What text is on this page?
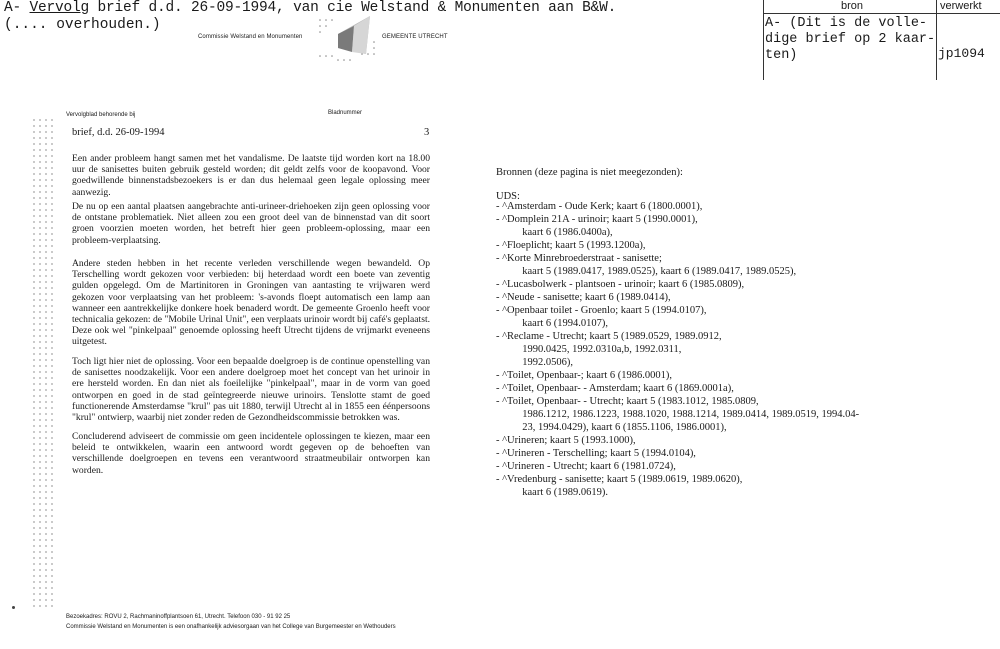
A- Vervolg brief d.d. 26-09-1994, van cie Welstand & Monumenten aan B&W.
(.... overhouden.)
bron	verwerkt
A- (Dit is de volle-
dige brief op 2 kaar-
ten)	jp1094
Commissie Welstand en Monumenten	GEMEENTE UTRECHT
Vervolgblad behorende bij	Bladnummer
brief, d.d. 26-09-1994	3
Een ander probleem hangt samen met het vandalisme. De laatste tijd worden kort na 18.00 uur de sanisettes buiten gebruik gesteld worden; dit geldt zelfs voor de koopavond. Voor goedwillende binnenstadsbezoekers is er dan dus helemaal geen legale oplossing meer aanwezig.
De nu op een aantal plaatsen aangebrachte anti-urineer-driehoeken zijn geen oplossing voor de ontstane problematiek. Niet alleen zou een groot deel van de binnenstad van dit soort groen voorzien moeten worden, het betreft hier geen probleem-oplossing, maar een probleem-verplaatsing.
Andere steden hebben in het recente verleden verschillende wegen bewandeld. Op Terschelling wordt gekozen voor verbieden: bij heterdaad wordt een boete van zeventig gulden opgelegd. Om de Martinitoren in Groningen van aantasting te vrijwaren werd gekozen voor verplaatsing van het probleem: 's-avonds floept automatisch een lamp aan wanneer een aantrekkelijke donkere hoek benaderd wordt. De gemeente Groenlo heeft voor technicalia gekozen: de "Mobile Urinal Unit", een verplaats urinoir wordt bij café's geplaatst. Deze ook wel "pinkelpaal" genoemde oplossing heeft Utrecht tijdens de vrijmarkt eveneens uitgetest.
Toch ligt hier niet de oplossing. Voor een bepaalde doelgroep is de continue openstelling van de sanisettes noodzakelijk. Voor een andere doelgroep moet het concept van het urinoir in ere hersteld worden. En dan niet als foeilelijke "pinkelpaal", maar in de vorm van goed ontworpen en goed in de stad geïntegreerde nieuwe urinoirs. Tenslotte stamt de goed functionerende Amsterdamse "krul" pas uit 1880, terwijl Utrecht al in 1855 een éénpersoons "krul" ontwierp, waarbij niet zonder reden de Gezondheidscommissie betrokken was.
Concluderend adviseert de commissie om geen incidentele oplossingen te kiezen, maar een beleid te ontwikkelen, waarin een antwoord wordt gegeven op de behoeften van verschillende doelgroepen en tevens een verantwoord straatmeubilair ontworpen kan worden.
Bezoekadres: ROVU 2, Rachmaninoffplantsoen 61, Utrecht. Telefoon 030 - 91 92 25
Commissie Welstand en Monumenten is een onafhankelijk adviesorgaan van het College van Burgemeester en Wethouders
Bronnen (deze pagina is niet meegezonden):
UDS:
- ^Amsterdam - Oude Kerk; kaart 6 (1800.0001),
- ^Domplein 21A - urinoir; kaart 5 (1990.0001),
kaart 6 (1986.0400a),
- ^Floeplicht; kaart 5 (1993.1200a),
- ^Korte Minrebroederstraat - sanisette;
kaart 5 (1989.0417, 1989.0525), kaart 6 (1989.0417, 1989.0525),
- ^Lucasbolwerk - plantsoen - urinoir; kaart 6 (1985.0809),
- ^Neude - sanisette; kaart 6 (1989.0414),
- ^Openbaar toilet - Groenlo; kaart 5 (1994.0107),
kaart 6 (1994.0107),
- ^Reclame - Utrecht; kaart 5 (1989.0529, 1989.0912,
1990.0425, 1992.0310a,b, 1992.0311,
1992.0506),
- ^Toilet, Openbaar-; kaart 6 (1986.0001),
- ^Toilet, Openbaar- - Amsterdam; kaart 6 (1869.0001a),
- ^Toilet, Openbaar- - Utrecht; kaart 5 (1983.1012, 1985.0809,
1986.1212, 1986.1223, 1988.1020, 1988.1214, 1989.0414, 1989.0519, 1994.04-
23, 1994.0429), kaart 6 (1855.1106, 1986.0001),
- ^Urineren; kaart 5 (1993.1000),
- ^Urineren - Terschelling; kaart 5 (1994.0104),
- ^Urineren - Utrecht; kaart 6 (1981.0724),
- ^Vredenburg - sanisette; kaart 5 (1989.0619, 1989.0620),
kaart 6 (1989.0619).
